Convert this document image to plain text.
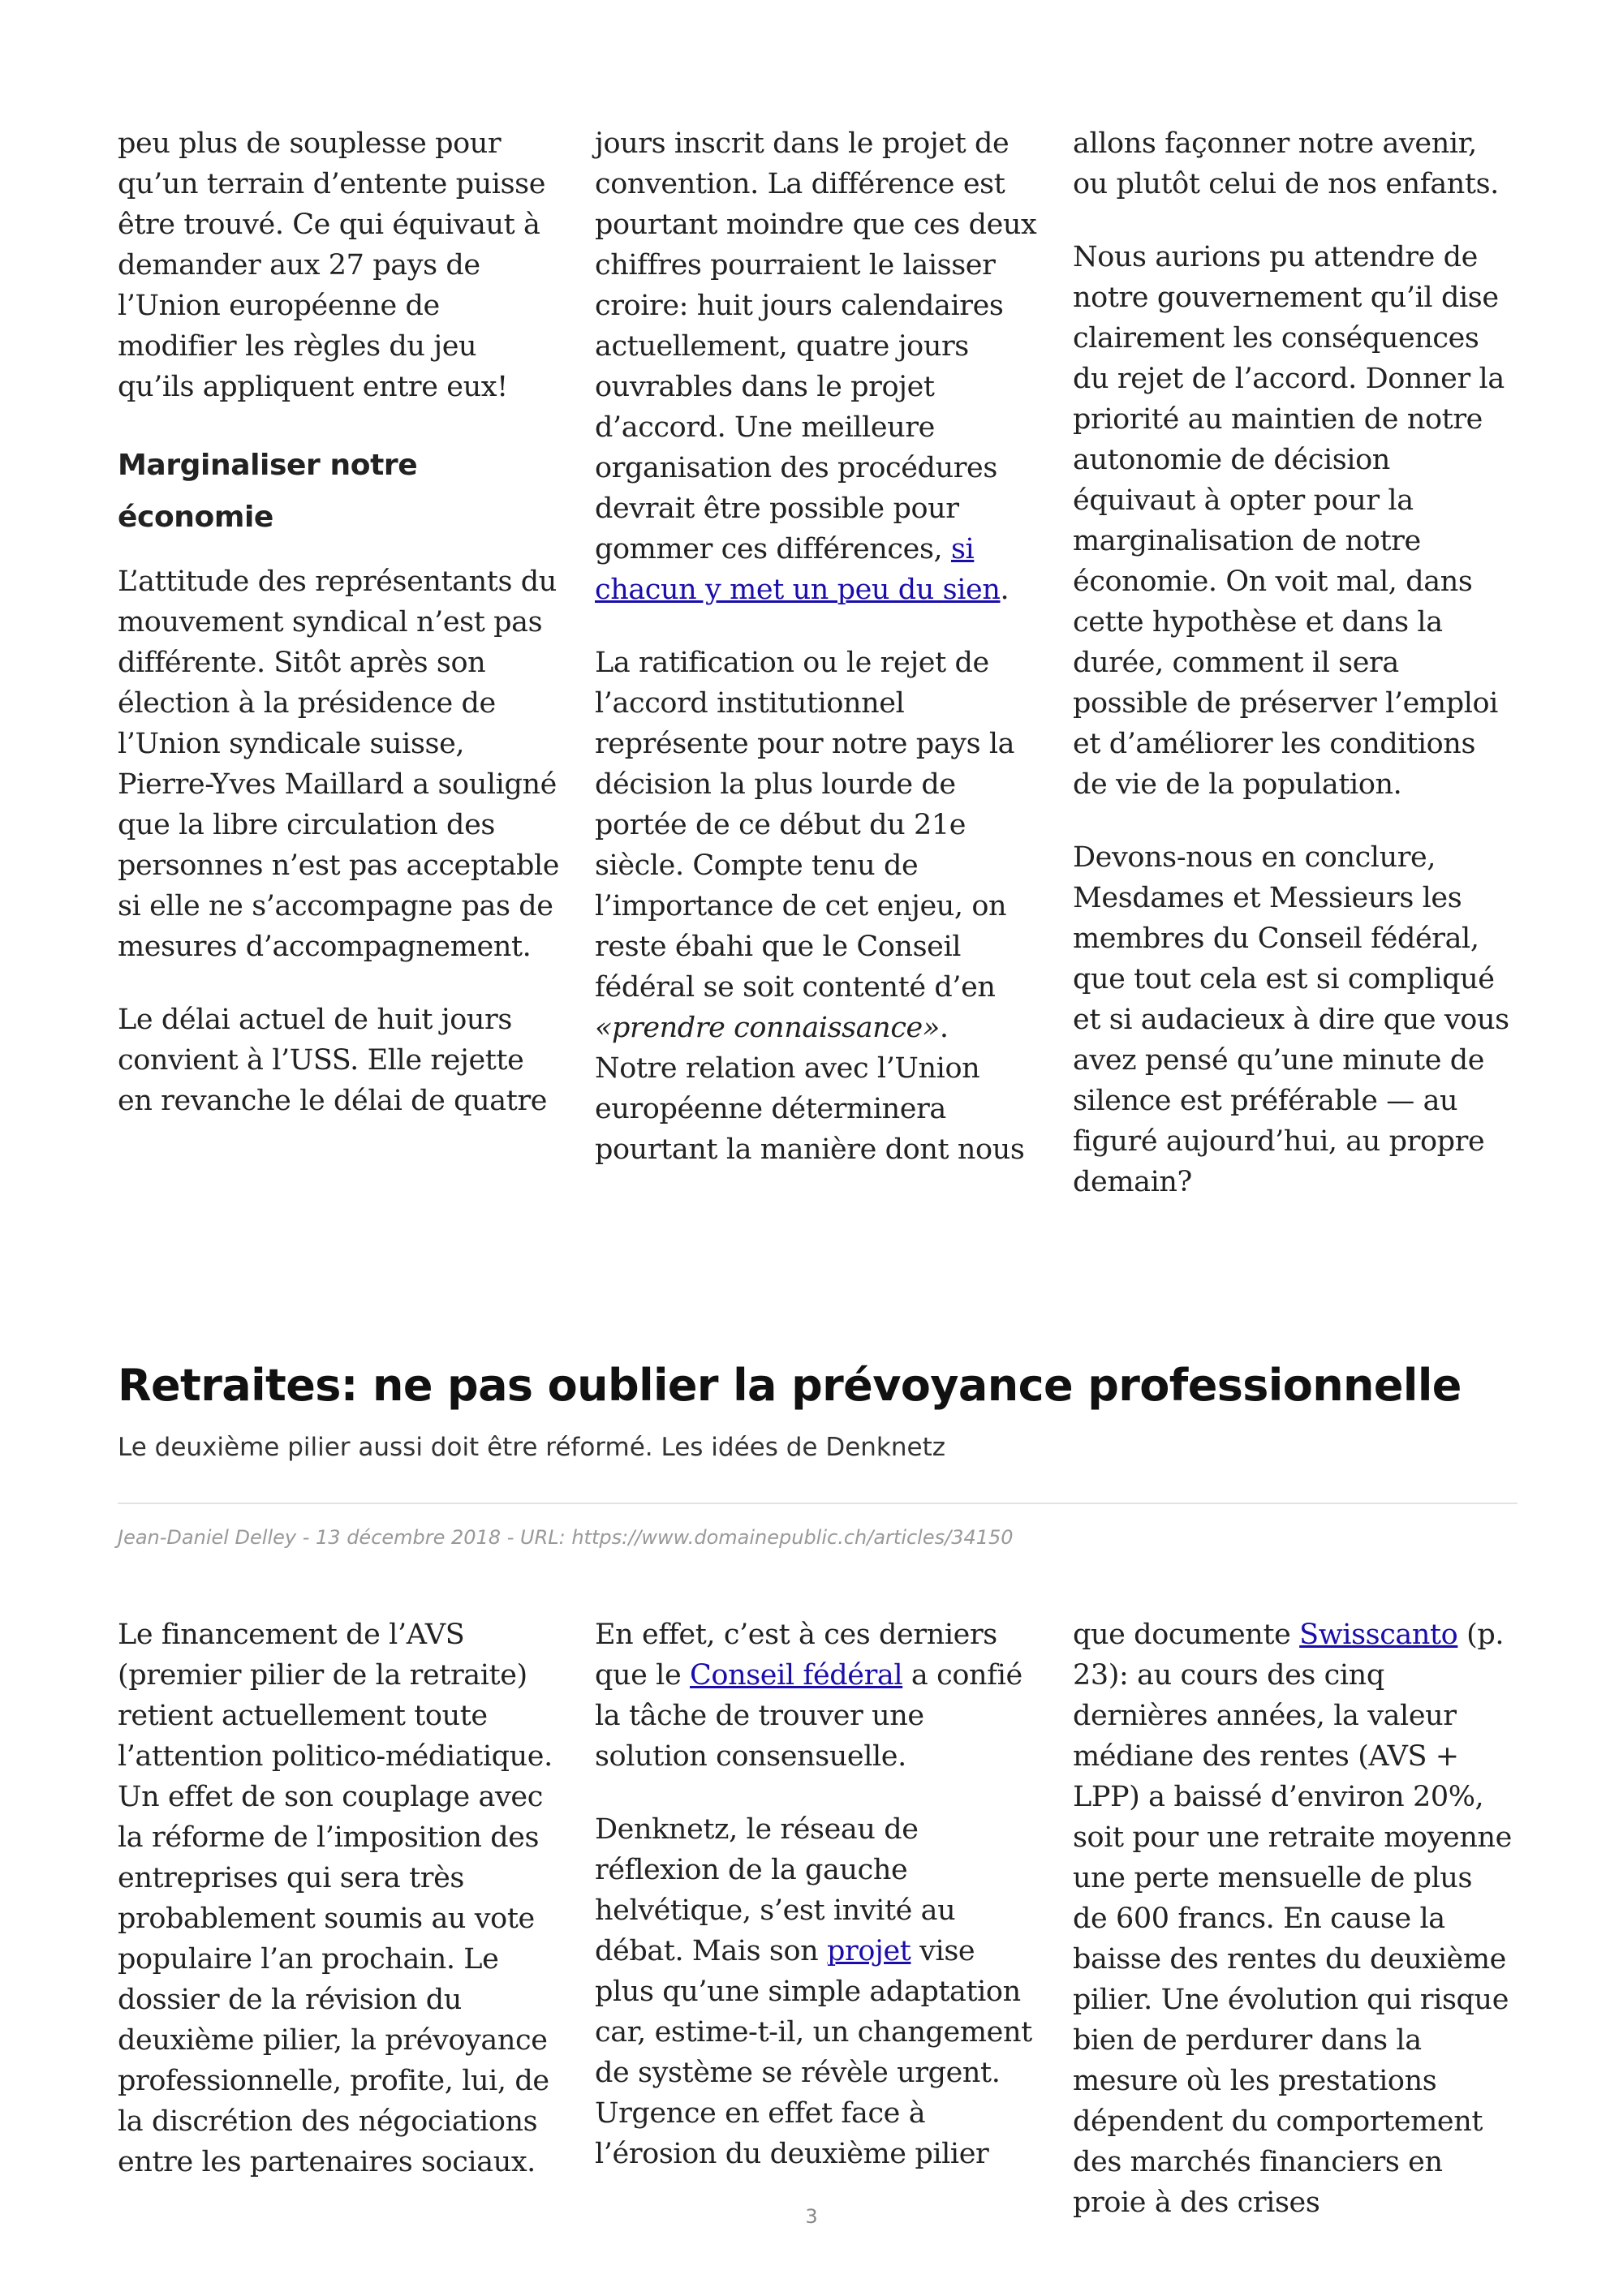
peu plus de souplesse pour qu’un terrain d’entente puisse être trouvé. Ce qui équivaut à demander aux 27 pays de l’Union européenne de modifier les règles du jeu qu’ils appliquent entre eux!

Marginaliser notre économie

L’attitude des représentants du mouvement syndical n’est pas différente. Sitôt après son élection à la présidence de l’Union syndicale suisse, Pierre-Yves Maillard a souligné que la libre circulation des personnes n’est pas acceptable si elle ne s’accompagne pas de mesures d’accompagnement.

Le délai actuel de huit jours convient à l’USS. Elle rejette en revanche le délai de quatre

jours inscrit dans le projet de convention. La différence est pourtant moindre que ces deux chiffres pourraient le laisser croire: huit jours calendaires actuellement, quatre jours ouvrables dans le projet d’accord. Une meilleure organisation des procédures devrait être possible pour gommer ces différences, si chacun y met un peu du sien.

La ratification ou le rejet de l’accord institutionnel représente pour notre pays la décision la plus lourde de portée de ce début du 21e siècle. Compte tenu de l’importance de cet enjeu, on reste ébahi que le Conseil fédéral se soit contenté d’en «prendre connaissance». Notre relation avec l’Union européenne déterminera pourtant la manière dont nous

allons façonner notre avenir, ou plutôt celui de nos enfants.

Nous aurions pu attendre de notre gouvernement qu’il dise clairement les conséquences du rejet de l’accord. Donner la priorité au maintien de notre autonomie de décision équivaut à opter pour la marginalisation de notre économie. On voit mal, dans cette hypothèse et dans la durée, comment il sera possible de préserver l’emploi et d’améliorer les conditions de vie de la population.

Devons-nous en conclure, Mesdames et Messieurs les membres du Conseil fédéral, que tout cela est si compliqué et si audacieux à dire que vous avez pensé qu’une minute de silence est préférable — au figuré aujourd’hui, au propre demain?

Retraites: ne pas oublier la prévoyance professionnelle

Le deuxième pilier aussi doit être réformé. Les idées de Denknetz

Jean-Daniel Delley - 13 décembre 2018 - URL: https://www.domainepublic.ch/articles/34150

Le financement de l’AVS (premier pilier de la retraite) retient actuellement toute l’attention politico-médiatique. Un effet de son couplage avec la réforme de l’imposition des entreprises qui sera très probablement soumis au vote populaire l’an prochain. Le dossier de la révision du deuxième pilier, la prévoyance professionnelle, profite, lui, de la discrétion des négociations entre les partenaires sociaux.

En effet, c’est à ces derniers que le Conseil fédéral a confié la tâche de trouver une solution consensuelle.

Denknetz, le réseau de réflexion de la gauche helvétique, s’est invité au débat. Mais son projet vise plus qu’une simple adaptation car, estime-t-il, un changement de système se révèle urgent. Urgence en effet face à l’érosion du deuxième pilier

que documente Swisscanto (p. 23): au cours des cinq dernières années, la valeur médiane des rentes (AVS + LPP) a baissé d’environ 20%, soit pour une retraite moyenne une perte mensuelle de plus de 600 francs. En cause la baisse des rentes du deuxième pilier. Une évolution qui risque bien de perdurer dans la mesure où les prestations dépendent du comportement des marchés financiers en proie à des crises

3
